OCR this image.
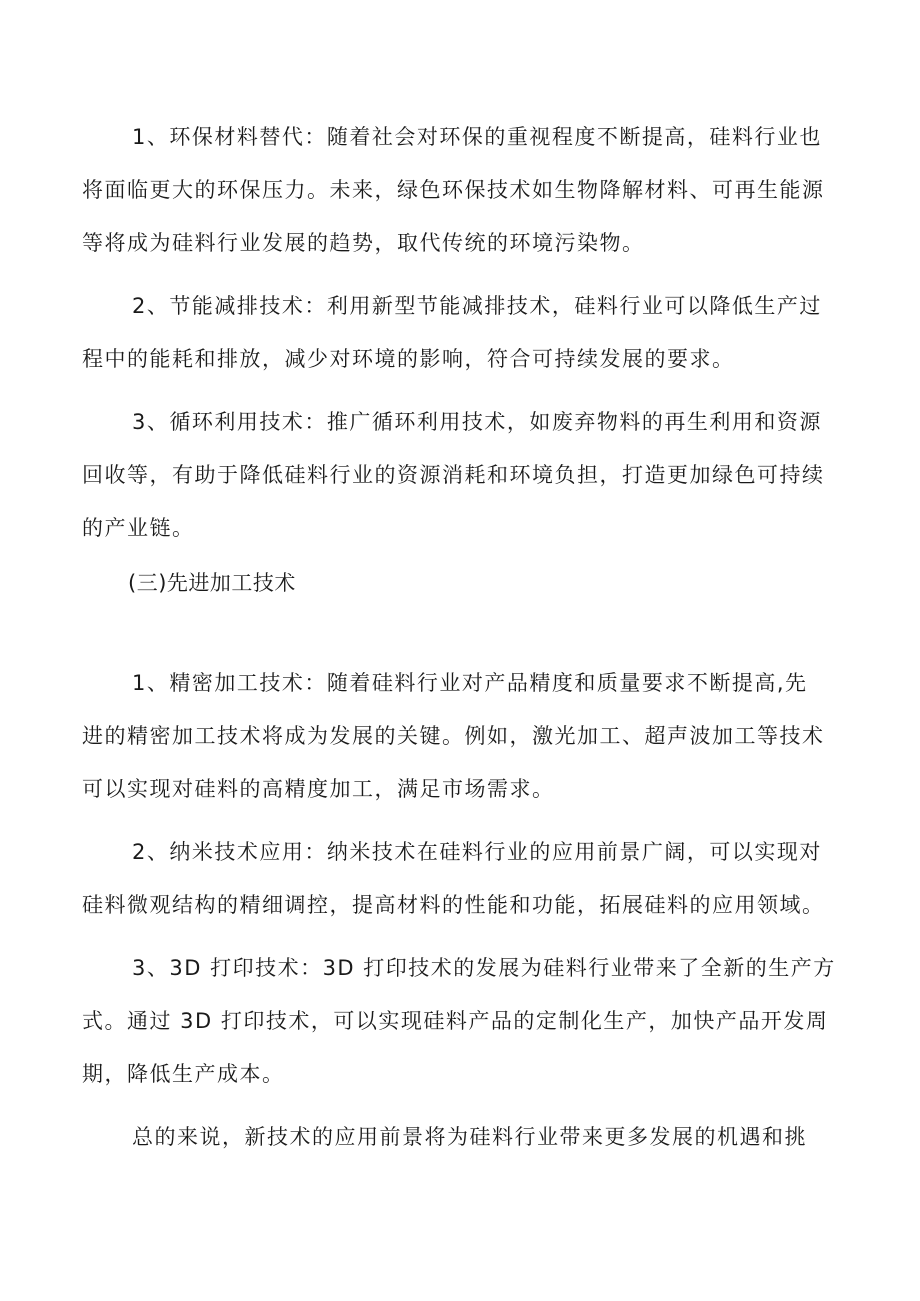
1、环保材料替代：随着社会对环保的重视程度不断提高，硅料行业也
将面临更大的环保压力。未来，绿色环保技术如生物降解材料、可再生能源
等将成为硅料行业发展的趋势，取代传统的环境污染物。
2、节能减排技术：利用新型节能减排技术，硅料行业可以降低生产过
程中的能耗和排放，减少对环境的影响，符合可持续发展的要求。
3、循环利用技术：推广循环利用技术，如废弃物料的再生利用和资源
回收等，有助于降低硅料行业的资源消耗和环境负担，打造更加绿色可持续
的产业链。
(三)先进加工技术
1、精密加工技术：随着硅料行业对产品精度和质量要求不断提高,先
进的精密加工技术将成为发展的关键。例如，激光加工、超声波加工等技术
可以实现对硅料的高精度加工，满足市场需求。
2、纳米技术应用：纳米技术在硅料行业的应用前景广阔，可以实现对
硅料微观结构的精细调控，提高材料的性能和功能，拓展硅料的应用领域。
3、3D 打印技术：3D 打印技术的发展为硅料行业带来了全新的生产方
式。通过 3D 打印技术，可以实现硅料产品的定制化生产，加快产品开发周
期，降低生产成本。
总的来说，新技术的应用前景将为硅料行业带来更多发展的机遇和挑
